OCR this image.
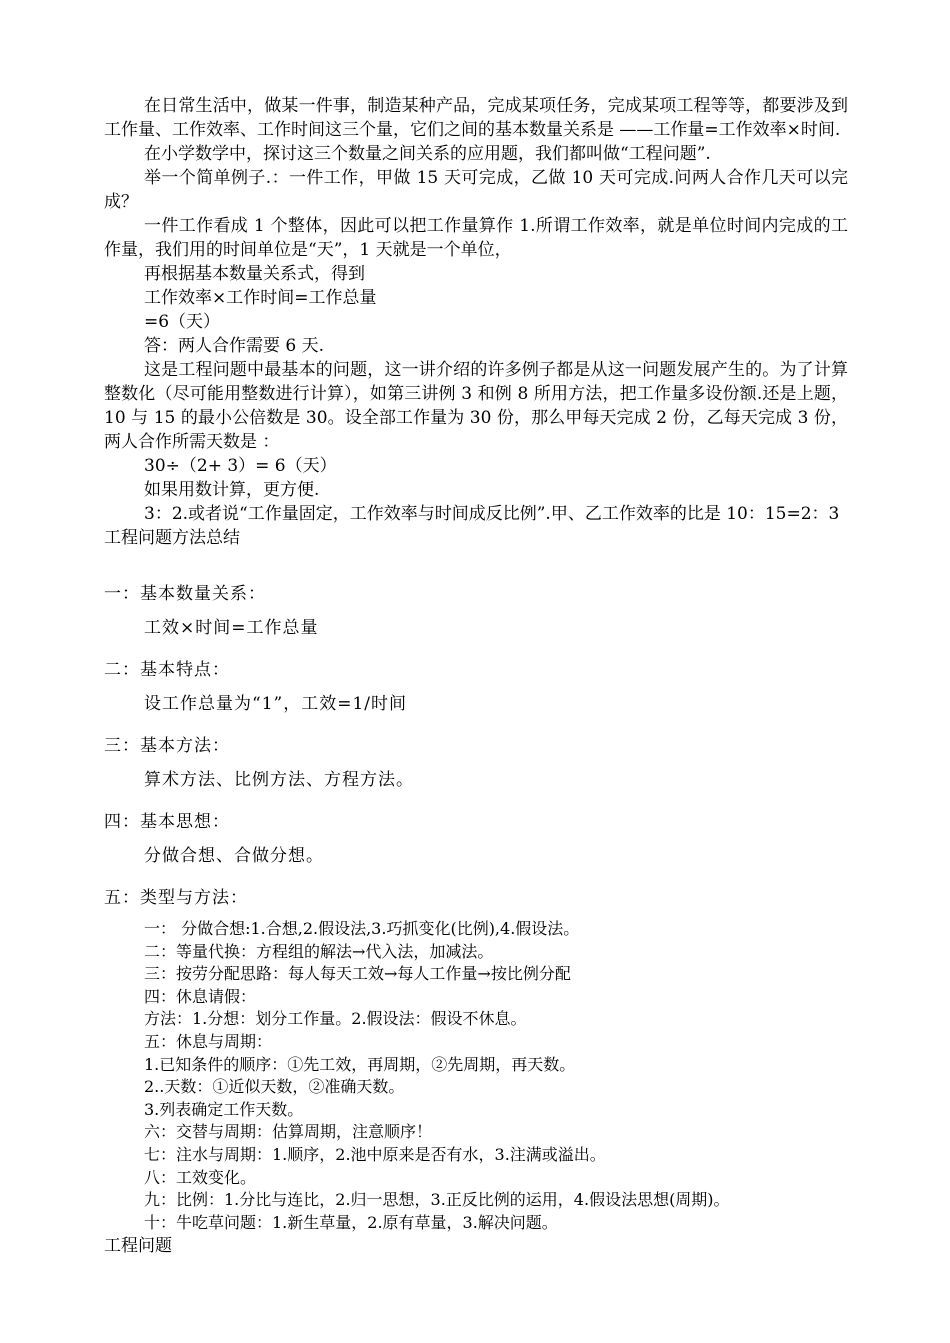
在日常生活中，做某一件事，制造某种产品，完成某项任务，完成某项工程等等，都要涉及到工作量、工作效率、工作时间这三个量，它们之间的基本数量关系是 ——工作量=工作效率×时间.

在小学数学中，探讨这三个数量之间关系的应用题，我们都叫做“工程问题”.

举一个简单例子.：一件工作，甲做 15 天可完成，乙做 10 天可完成.问两人合作几天可以完成？

一件工作看成 1 个整体，因此可以把工作量算作 1.所谓工作效率，就是单位时间内完成的工作量，我们用的时间单位是“天”，1 天就是一个单位，

再根据基本数量关系式，得到

工作效率×工作时间=工作总量

=6（天）

答：两人合作需要 6 天.

这是工程问题中最基本的问题，这一讲介绍的许多例子都是从这一问题发展产生的。为了计算整数化（尽可能用整数进行计算），如第三讲例 3 和例 8 所用方法，把工作量多设份额.还是上题，10 与 15 的最小公倍数是 30。设全部工作量为 30 份，那么甲每天完成 2 份，乙每天完成 3 份，两人合作所需天数是 ：

30÷（2+ 3）= 6（天）

如果用数计算，更方便.

3：2.或者说“工作量固定，工作效率与时间成反比例”.甲、乙工作效率的比是 10：15=2：3

工程问题方法总结

一：基本数量关系：
工效×时间=工作总量
二：基本特点：
设工作总量为“1”，工效=1/时间
三：基本方法：
算术方法、比例方法、方程方法。
四：基本思想：
分做合想、合做分想。
五：类型与方法：
一： 分做合想:1.合想,2.假设法,3.巧抓变化(比例),4.假设法。
二：等量代换：方程组的解法→代入法，加减法。
三：按劳分配思路：每人每天工效→每人工作量→按比例分配
四：休息请假：
方法：1.分想：划分工作量。2.假设法：假设不休息。
五：休息与周期：
1.已知条件的顺序：①先工效，再周期，②先周期，再天数。
2..天数：①近似天数，②准确天数。
3.列表确定工作天数。
六：交替与周期：估算周期，注意顺序！
七：注水与周期：1.顺序，2.池中原来是否有水，3.注满或溢出。
八：工效变化。
九：比例：1.分比与连比，2.归一思想，3.正反比例的运用，4.假设法思想(周期)。
十：牛吃草问题：1.新生草量，2.原有草量，3.解决问题。
工程问题
